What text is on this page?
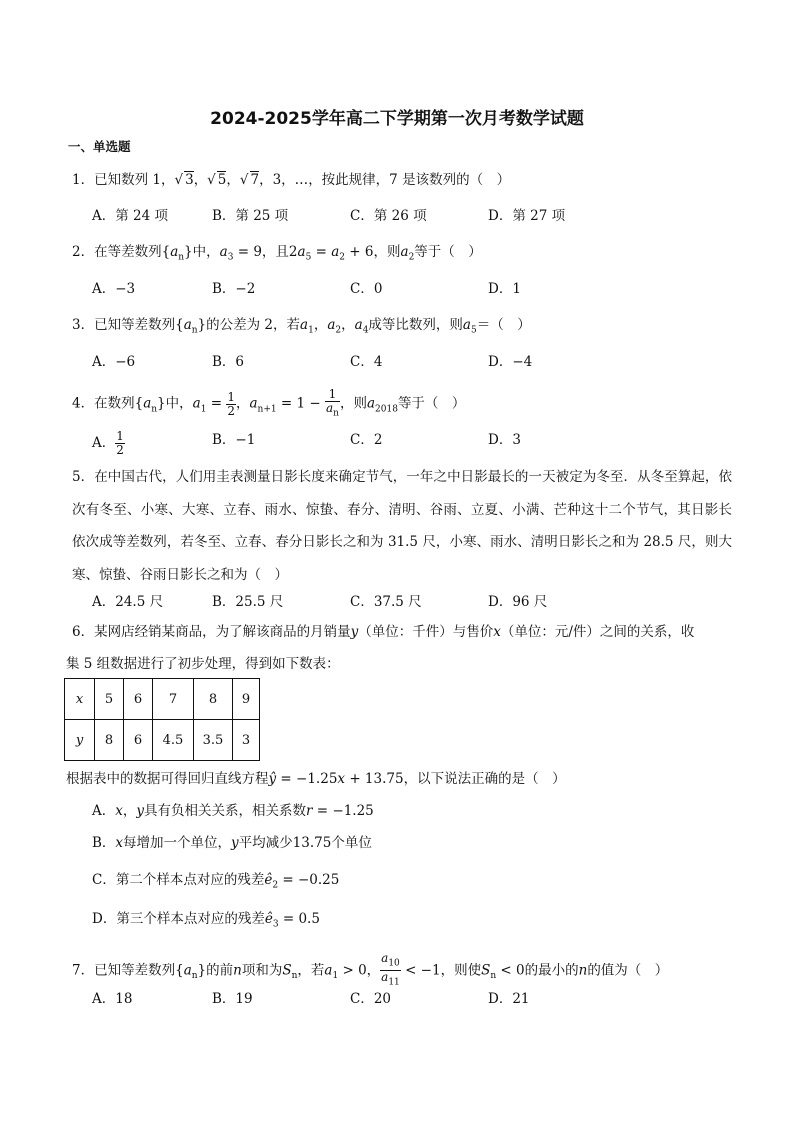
2024-2025学年高二下学期第一次月考数学试题
一、单选题
1．已知数列 1，√ 3，√ 5，√ 7，3，…，按此规律，7 是该数列的（　）
A．第 24 项	B．第 25 项	C．第 26 项	D．第 27 项
2．在等差数列$\{a_n\}$中，$a_3 = 9$，且$2a_5 = a_2 + 6$，则$a_2$等于（　）
A．−3	B．−2	C．0	D．1
3．已知等差数列$\{a_n\}$的公差为 2，若$a_1$，$a_2$，$a_4$成等比数列，则$a_5=$（　）
A．−6	B．6	C．4	D．−4
4．在数列$\{a_n\}$中，$a_1 = \frac{1}{2}$ ，$a_{n+1} = 1 - \frac{1}{a_n}$ ，则$a_{2018}$等于（　）
A． $\frac{1}{2}$	B．−1	C．2	D．3
5．在中国古代，人们用圭表测量日影长度来确定节气，一年之中日影最长的一天被定为冬至．从冬至算起，依次有冬至、小寒、大寒、立春、雨水、惊蛰、春分、清明、谷雨、立夏、小满、芒种这十二个节气，其日影长依次成等差数列，若冬至、立春、春分日影长之和为 31.5 尺，小寒、雨水、清明日影长之和为 28.5 尺，则大寒、惊蛰、谷雨日影长之和为（　）
A．24.5 尺	B．25.5 尺	C．37.5 尺	D．96 尺
6．某网店经销某商品，为了解该商品的月销量y（单位：千件）与售价x（单位：元/件）之间的关系，收
集 5 组数据进行了初步处理，得到如下数表：
x	5	6	7	8	9
y	8	6	4.5	3.5	3
根据表中的数据可得回归直线方程ŷ = −1.25x + 13.75，以下说法正确的是（　）
A．x，y具有负相关关系，相关系数r = −1.25
B．x每增加一个单位，y平均减少13.75个单位
C．第二个样本点对应的残差$ê_2 = -0.25$
D．第三个样本点对应的残差$ê_3 = 0.5$
7．已知等差数列$\{a_n\}$的前n项和为$S_n$，若$a_1 > 0$， $\frac{a_{10}}{a_{11}} < -1$，则使$S_n < 0$的最小的n的值为（　）
A．18	B．19	C．20	D．21
